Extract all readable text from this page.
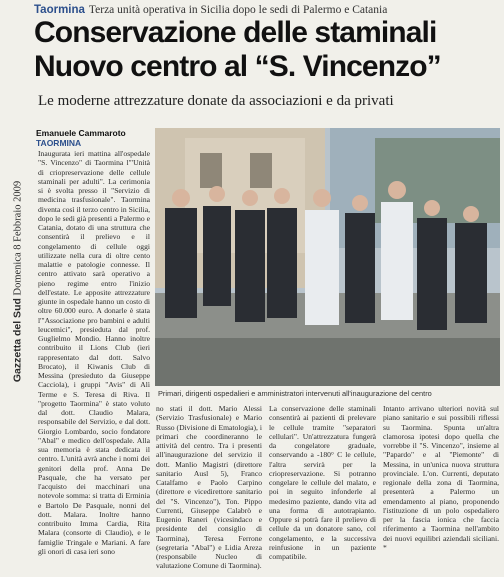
Taormina Terza unità operativa in Sicilia dopo le sedi di Palermo e Catania
Conservazione delle staminali
Nuovo centro al “S. Vincenzo”
Le moderne attrezzature donate da associazioni e da privati
Emanuele Cammaroto
TAORMINA
Gazzetta del Sud Domenica 8 Febbraio 2009

Inaugurata ieri mattina all'ospedale "S. Vincenzo" di Taormina l'"Unità di criopreservazione delle cellule staminali per adulti". La cerimonia si è svolta presso il "Servizio di medicina trasfusionale". Taormina diventa così il terzo centro in Sicilia, dopo le sedi già presenti a Palermo e Catania, dotato di una struttura che consentirà il prelievo e il congelamento di cellule oggi utilizzate nella cura di oltre cento malattie e patologie connesse. Il centro attivato sarà operativo a pieno regime entro l'inizio dell'estate. Le apposite attrezzature giunte in ospedale hanno un costo di oltre 60.000 euro. A donarle è stata l'"Associazione pro bambini e adulti leucemici", presieduta dal prof. Guglielmo Mondio. Hanno inoltre contribuito il Lions Club (ieri rappresentato dal dott. Salvo Brocato), il Kiwanis Club di Messina (presieduto da Giuseppe Cacciola), i gruppi "Avis" di Alì Terme e S. Teresa di Riva. Il "progetto Taormina" è stato voluto dal dott. Claudio Malara, responsabile del Servizio, e dal dott. Giorgio Lombardo, socio fondatore "Abal" e medico dell'ospedale. Alla sua memoria è stata dedicata il centro. L'unità avrà anche i nomi dei genitori della prof. Anna De Pasquale, che ha versato per l'acquisto dei macchinari una notevole somma: si tratta di Erminia e Bartolo De Pasquale, nonni del dott. Malara. Inoltre hanno contribuito Imma Cardia, Rita Malara (consorte di Claudio), e le famiglie Tringale e Mariani. A fare gli onori di casa ieri sono

Primari, dirigenti ospedalieri e amministratori intervenuti all'inaugurazione del centro

no stati il dott. Mario Alessi (Servizio Trasfusionale) e Mario Russo (Divisione di Ematologia), i primari che coordineranno le attività del centro. Tra i presenti all'inaugurazione del servizio il dott. Manlio Magistri (direttore sanitario Ausl 5), Franco Catalfamo e Paolo Carpino (direttore e vicedirettore sanitario del "S. Vincenzo"), Ton. Pippo Currenti, Giuseppe Calabrò e Eugenio Raneri (vicesindaco e presidente del consiglio di Taormina), Teresa Ferrone (segretaria "Abal") e Lidia Areza (responsabile Nucleo di valutazione Comune di Taormina).

La conservazione delle staminali consentirà ai pazienti di prelevare le cellule tramite "separatori cellulari". Un'attrezzatura fungerà da congelatore graduale, conservando a -180° C le cellule, l'altra servirà per la criopreservazione. Si potranno congelare le cellule del malato, e poi in seguito infonderle al medesimo paziente, dando vita ad una forma di autotrapianto. Oppure si potrà fare il prelievo di cellule da un donatore sano, col congelamento, e la successiva reinfusione in un paziente compatibile.

Intanto arrivano ulteriori novità sul piano sanitario e sui possibili riflessi su Taormina. Spunta un'altra clamorosa ipotesi dopo quella che vorrebbe il "S. Vincenzo", insieme al "Papardo" e al "Piemonte" di Messina, in un'unica nuova struttura provinciale. L'on. Currenti, deputato regionale della zona di Taormina, presenterà a Palermo un emendamento al piano, proponendo l'istituzione di un polo ospedaliero per la fascia ionica che faccia riferimento a Taormina nell'ambito dei nuovi equilibri aziendali siciliani. *
